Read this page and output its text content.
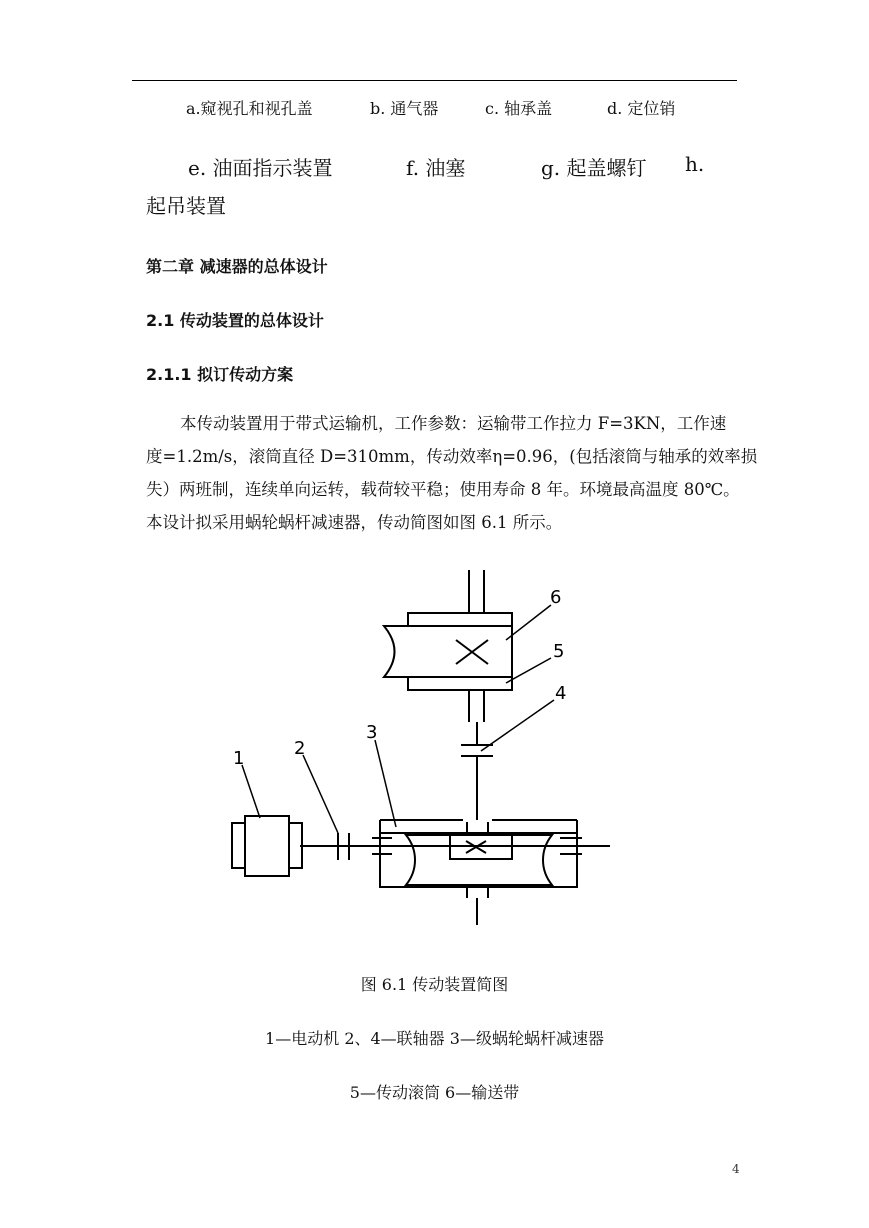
a.窥视孔和视孔盖	b. 通气器	c. 轴承盖	d. 定位销
e. 油面指示装置	f. 油塞	g. 起盖螺钉 h.
起吊装置
第二章 减速器的总体设计
2.1 传动装置的总体设计
2.1.1 拟订传动方案
本传动装置用于带式运输机，工作参数：运输带工作拉力 F=3KN，工作速
度=1.2m/s，滚筒直径 D=310mm，传动效率η=0.96，(包括滚筒与轴承的效率损
失）两班制，连续单向运转，载荷较平稳；使用寿命 8 年。环境最高温度 80℃。
本设计拟采用蜗轮蜗杆减速器，传动简图如图 6.1 所示。
1	2
3
4
5
6
图 6.1 传动装置简图
1—电动机 2、4—联轴器 3—级蜗轮蜗杆减速器
5—传动滚筒 6—输送带
4
